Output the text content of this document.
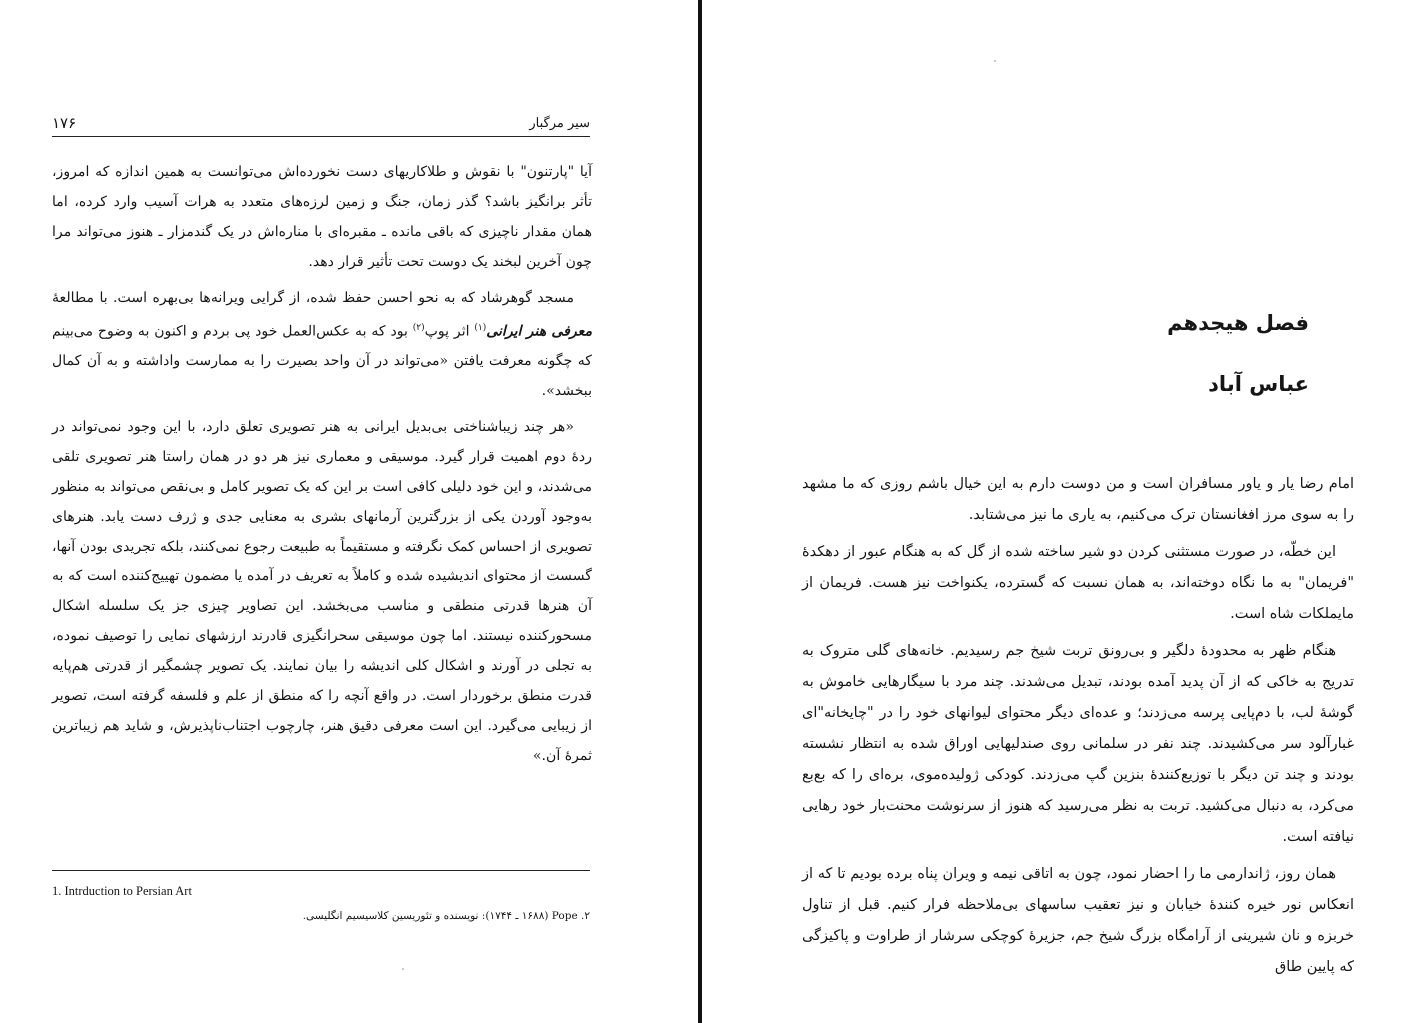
سیر مرگبار
۱۷۶

آیا "پارتنون" با نقوش و طلاکاریهای دست نخورده‌اش می‌توانست به همین اندازه که امروز، تأثر برانگیز باشد؟ گذر زمان، جنگ و زمین لرزه‌های متعدد به هرات آسیب وارد کرده، اما همان مقدار ناچیزی که باقی مانده ـ مقبره‌ای با مناره‌اش در یک گندمزار ـ هنوز می‌تواند مرا چون آخرین لبخند یک دوست تحت تأثیر قرار دهد.

مسجد گوهرشاد که به نحو احسن حفظ شده، از گرایی ویرانه‌ها بی‌بهره است. با مطالعهٔ معرفی هنر ایرانی$^{(۱)}$ اثر پوپ$^{(۲)}$ بود که به عکس‌العمل خود پی بردم و اکنون به وضوح می‌بینم که چگونه معرفت یافتن «می‌تواند در آن واحد بصیرت را به ممارست واداشته و به آن کمال ببخشد».

«هر چند زیباشناختی بی‌بدیل ایرانی به هنر تصویری تعلق دارد، با این وجود نمی‌تواند در ردهٔ دوم اهمیت قرار گیرد. موسیقی و معماری نیز هر دو در همان راستا هنر تصویری تلقی می‌شدند، و این خود دلیلی کافی است بر این که یک تصویر کامل و بی‌نقص می‌تواند به منظور به‌وجود آوردن یکی از بزرگترین آرمانهای بشری به معنایی جدی و ژرف دست یابد. هنرهای تصویری از احساس کمک نگرفته و مستقیماً به طبیعت رجوع نمی‌کنند، بلکه تجریدی بودن آنها، گسست از محتوای اندیشیده شده و کاملاً به تعریف در آمده یا مضمون تهییج‌کننده است که به آن هنرها قدرتی منطقی و مناسب می‌بخشد. این تصاویر چیزی جز یک سلسله اشکال مسحورکننده نیستند. اما چون موسیقی سحرانگیزی قادرند ارزشهای نمایی را توصیف نموده، به تجلی در آورند و اشکال کلی اندیشه را بیان نمایند. یک تصویر چشمگیر از قدرتی هم‌پایه قدرت منطق برخوردار است. در واقع آنچه را که منطق از علم و فلسفه گرفته است، تصویر از زیبایی می‌گیرد. این است معرفی دقیق هنر، چارچوب اجتناب‌ناپذیرش، و شاید هم زیباترین ثمرهٔ آن.»

1. Intrduction to Persian Art
Pope .۲ (۱۶۸۸ ـ ۱۷۴۴): نویسنده و تئوریسین کلاسیسیم انگلیسی.
فصل هیجدهم
عباس آباد

امام رضا یار و یاور مسافران است و من دوست دارم به این خیال باشم روزی که ما مشهد را به سوی مرز افغانستان ترک می‌کنیم، به یاری ما نیز می‌شتابد.

این خطّه، در صورت مستثنی کردن دو شیر ساخته شده از گل که به هنگام عبور از دهکدهٔ "فریمان" به ما نگاه دوخته‌اند، به همان نسبت که گسترده، یکنواخت نیز هست. فریمان از مایملکات شاه است.

هنگام ظهر به محدودهٔ دلگیر و بی‌رونق تربت شیخ جم رسیدیم. خانه‌های گلی متروک به تدریج به خاکی که از آن پدید آمده بودند، تبدیل می‌شدند. چند مرد با سیگارهایی خاموش به گوشهٔ لب، با دم‌پایی پرسه می‌زدند؛ و عده‌ای دیگر محتوای لیوانهای خود را در "چایخانه"ای غبارآلود سر می‌کشیدند. چند نفر در سلمانی روی صندلیهایی اوراق شده به انتظار نشسته بودند و چند تن دیگر با توزیع‌کنندهٔ بنزین گپ می‌زدند. کودکی ژولیده‌موی، بره‌ای را که بع‌بع می‌کرد، به دنبال می‌کشید. تربت به نظر می‌رسید که هنوز از سرنوشت محنت‌بار خود رهایی نیافته است.

همان روز، ژاندارمی ما را احضار نمود، چون به اتاقی نیمه و ویران پناه برده بودیم تا که از انعکاس نور خیره کنندهٔ خیابان و نیز تعقیب ساسهای بی‌ملاحظه فرار کنیم. قبل از تناول خربزه و نان شیرینی از آرامگاه بزرگ شیخ جم، جزیرهٔ کوچکی سرشار از طراوت و پاکیزگی که پایین طاق
